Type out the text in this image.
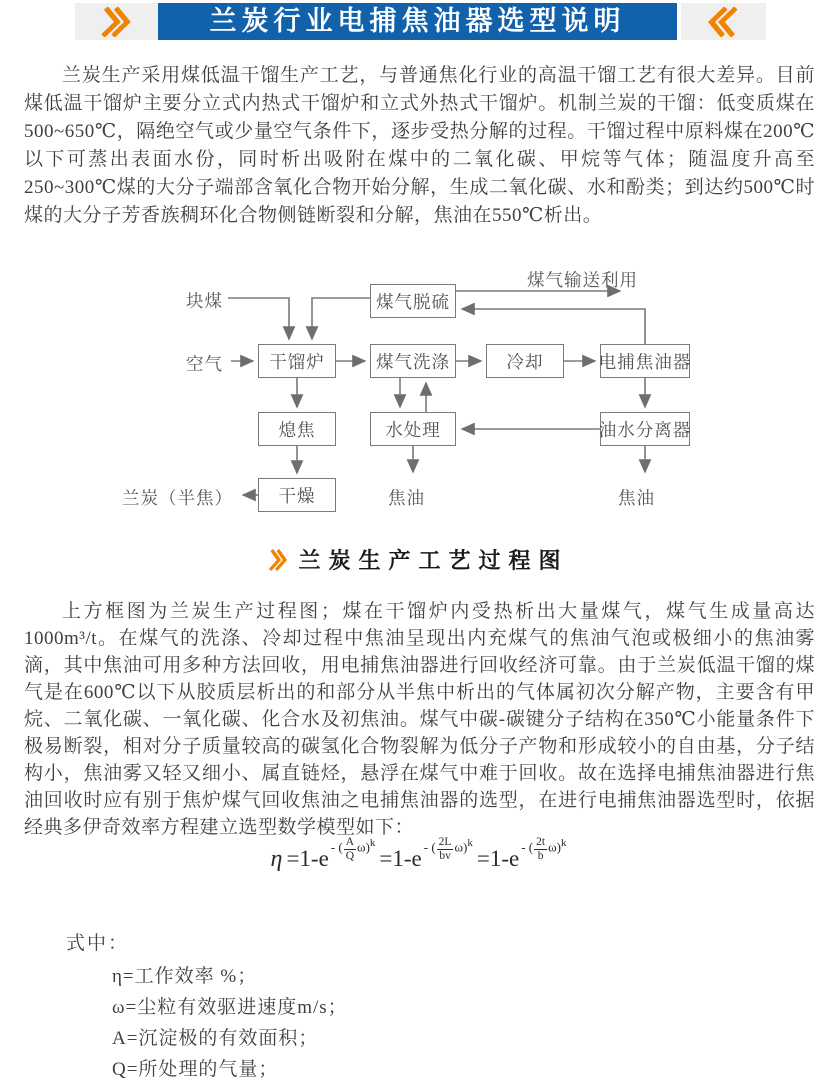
兰炭行业电捕焦油器选型说明

兰炭生产采用煤低温干馏生产工艺，与普通焦化行业的高温干馏工艺有很大差异。目前煤低温干馏炉主要分立式内热式干馏炉和立式外热式干馏炉。机制兰炭的干馏：低变质煤在500~650℃，隔绝空气或少量空气条件下，逐步受热分解的过程。干馏过程中原料煤在200℃以下可蒸出表面水份，同时析出吸附在煤中的二氧化碳、甲烷等气体；随温度升高至250~300℃煤的大分子端部含氧化合物开始分解，生成二氧化碳、水和酚类；到达约500℃时煤的大分子芳香族稠环化合物侧链断裂和分解，焦油在550℃析出。

煤气脱硫
干馏炉	煤气洗涤	冷却	电捕焦油器
熄焦	水处理	油水分离器
干燥
块煤
空气
煤气输送利用
兰炭（半焦）	焦油	焦油
兰炭生产工艺过程图

上方框图为兰炭生产过程图；煤在干馏炉内受热析出大量煤气，煤气生成量高达1000m³/t。在煤气的洗涤、冷却过程中焦油呈现出内充煤气的焦油气泡或极细小的焦油雾滴，其中焦油可用多种方法回收，用电捕焦油器进行回收经济可靠。由于兰炭低温干馏的煤气是在600℃以下从胶质层析出的和部分从半焦中析出的气体属初次分解产物，主要含有甲烷、二氧化碳、一氧化碳、化合水及初焦油。煤气中碳-碳键分子结构在350℃小能量条件下极易断裂，相对分子质量较高的碳氢化合物裂解为低分子产物和形成较小的自由基，分子结构小，焦油雾又轻又细小、属直链烃，悬浮在煤气中难于回收。故在选择电捕焦油器进行焦油回收时应有别于焦炉煤气回收焦油之电捕焦油器的选型，在进行电捕焦油器选型时，依据经典多伊奇效率方程建立选型数学模型如下：

η =1-e - ( $\frac{A}{Q} \omega)^k=1-e$ - ( $\frac{2L}{bv} \omega)^k=1-e$ - ( $\frac{2t}{b} \omega)^k$
式中：
η=工作效率 %；
ω=尘粒有效驱进速度m/s；
A=沉淀极的有效面积；
Q=所处理的气量；
